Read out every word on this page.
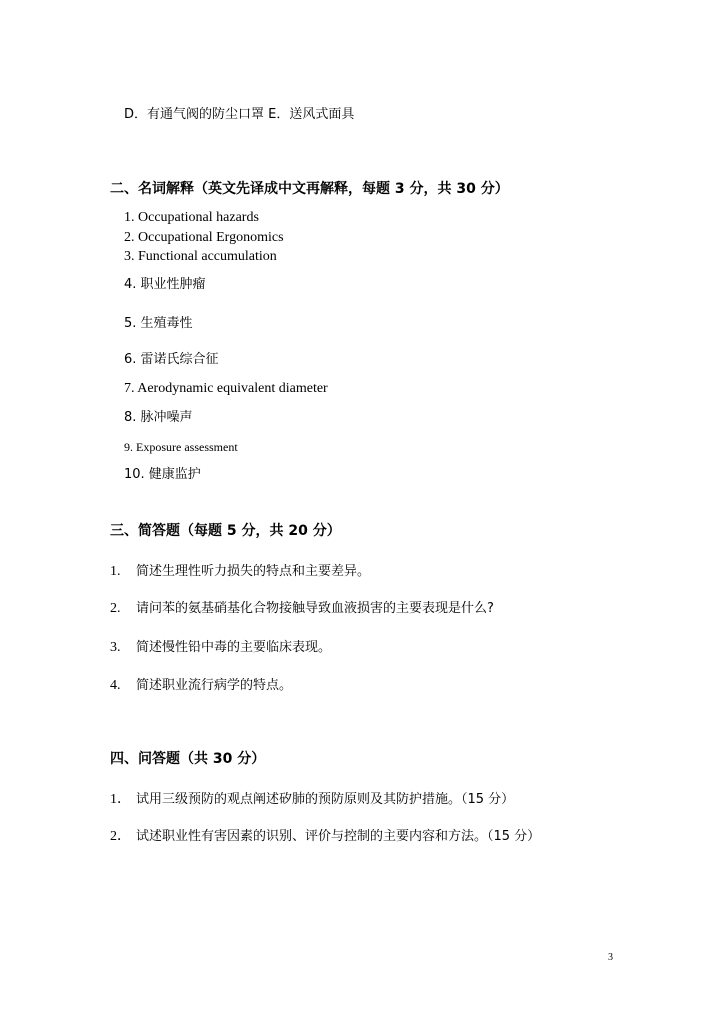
D．有通气阀的防尘口罩 E．送风式面具
二、名词解释（英文先译成中文再解释，每题 3 分，共 30 分）
1. Occupational hazards
2. Occupational Ergonomics
3. Functional accumulation
4. 职业性肿瘤
5. 生殖毒性
6. 雷诺氏综合征
7. Aerodynamic equivalent diameter
8. 脉冲噪声
9. Exposure assessment
10. 健康监护
三、简答题（每题 5 分，共 20 分）
1. 简述生理性听力损失的特点和主要差异。
2. 请问苯的氨基硝基化合物接触导致血液损害的主要表现是什么?
3. 简述慢性铅中毒的主要临床表现。
4. 简述职业流行病学的特点。
四、问答题（共 30 分）
1． 试用三级预防的观点阐述矽肺的预防原则及其防护措施。（15 分）
2． 试述职业性有害因素的识别、评价与控制的主要内容和方法。（15 分）
3
